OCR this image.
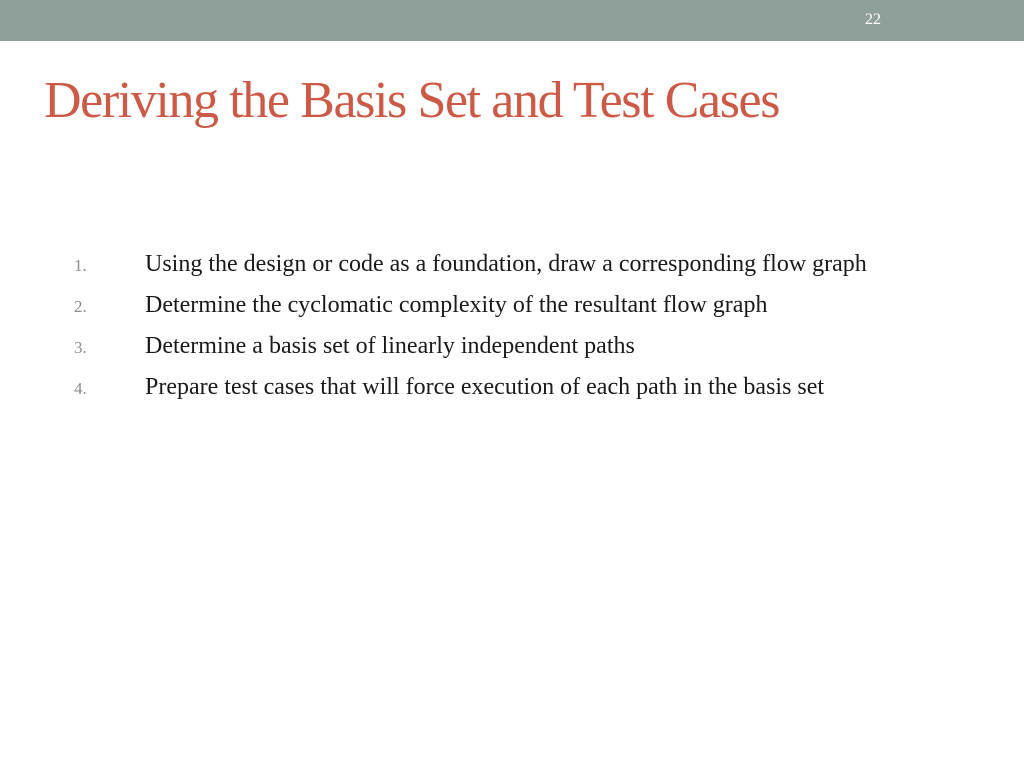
22
Deriving the Basis Set and Test Cases
1. Using the design or code as a foundation, draw a corresponding flow graph
2. Determine the cyclomatic complexity of the resultant flow graph
3. Determine a basis set of linearly independent paths
4. Prepare test cases that will force execution of each path in the basis set
